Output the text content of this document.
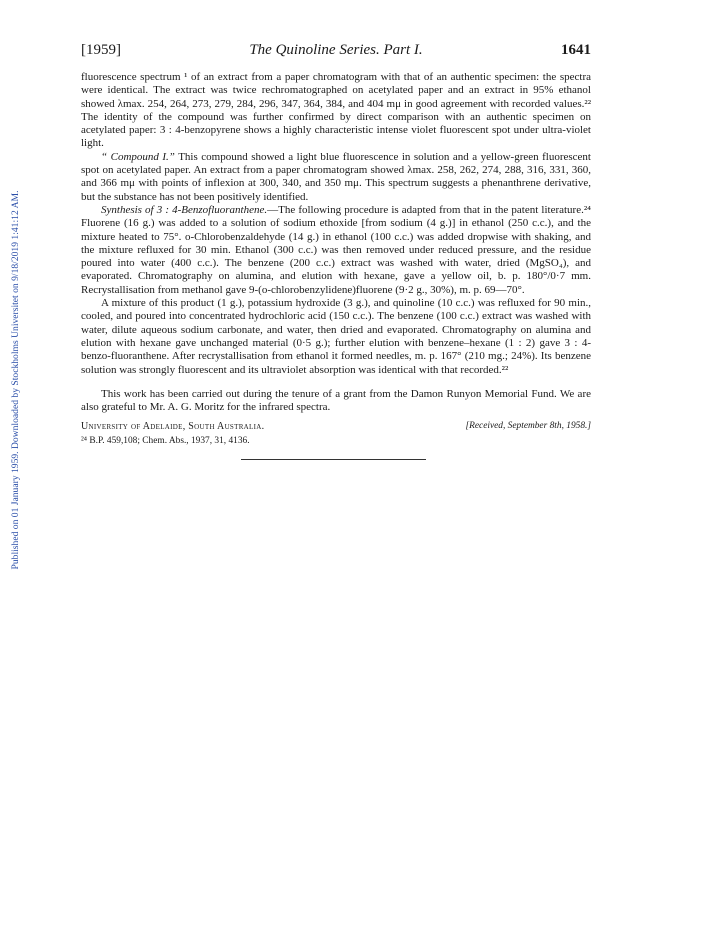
Published on 01 January 1959. Downloaded by Stockholms Universitet on 9/18/2019 1:41:12 AM.
[1959]	The Quinoline Series. Part I.	1641

fluorescence spectrum ¹ of an extract from a paper chromatogram with that of an authentic specimen: the spectra were identical. The extract was twice rechromatographed on acetylated paper and an extract in 95% ethanol showed λmax. 254, 264, 273, 279, 284, 296, 347, 364, 384, and 404 mμ in good agreement with recorded values.²² The identity of the compound was further confirmed by direct comparison with an authentic specimen on acetylated paper: 3 : 4-benzopyrene shows a highly characteristic intense violet fluorescent spot under ultra-violet light.

“ Compound I.” This compound showed a light blue fluorescence in solution and a yellow-green fluorescent spot on acetylated paper. An extract from a paper chromatogram showed λmax. 258, 262, 274, 288, 316, 331, 360, and 366 mμ with points of inflexion at 300, 340, and 350 mμ. This spectrum suggests a phenanthrene derivative, but the substance has not been positively identified.

Synthesis of 3 : 4-Benzofluoranthene.—The following procedure is adapted from that in the patent literature.²⁴ Fluorene (16 g.) was added to a solution of sodium ethoxide [from sodium (4 g.)] in ethanol (250 c.c.), and the mixture heated to 75°. o-Chlorobenzaldehyde (14 g.) in ethanol (100 c.c.) was added dropwise with shaking, and the mixture refluxed for 30 min. Ethanol (300 c.c.) was then removed under reduced pressure, and the residue poured into water (400 c.c.). The benzene (200 c.c.) extract was washed with water, dried (MgSO₄), and evaporated. Chromatography on alumina, and elution with hexane, gave a yellow oil, b. p. 180°/0·7 mm. Recrystallisation from methanol gave 9-(o-chlorobenzylidene)fluorene (9·2 g., 30%), m. p. 69—70°.

A mixture of this product (1 g.), potassium hydroxide (3 g.), and quinoline (10 c.c.) was refluxed for 90 min., cooled, and poured into concentrated hydrochloric acid (150 c.c.). The benzene (100 c.c.) extract was washed with water, dilute aqueous sodium carbonate, and water, then dried and evaporated. Chromatography on alumina and elution with hexane gave unchanged material (0·5 g.); further elution with benzene–hexane (1 : 2) gave 3 : 4-benzo-fluoranthene. After recrystallisation from ethanol it formed needles, m. p. 167° (210 mg.; 24%). Its benzene solution was strongly fluorescent and its ultraviolet absorption was identical with that recorded.²²

This work has been carried out during the tenure of a grant from the Damon Runyon Memorial Fund. We are also grateful to Mr. A. G. Moritz for the infrared spectra.

University of Adelaide, South Australia.	[Received, September 8th, 1958.]
²⁴ B.P. 459,108; Chem. Abs., 1937, 31, 4136.
